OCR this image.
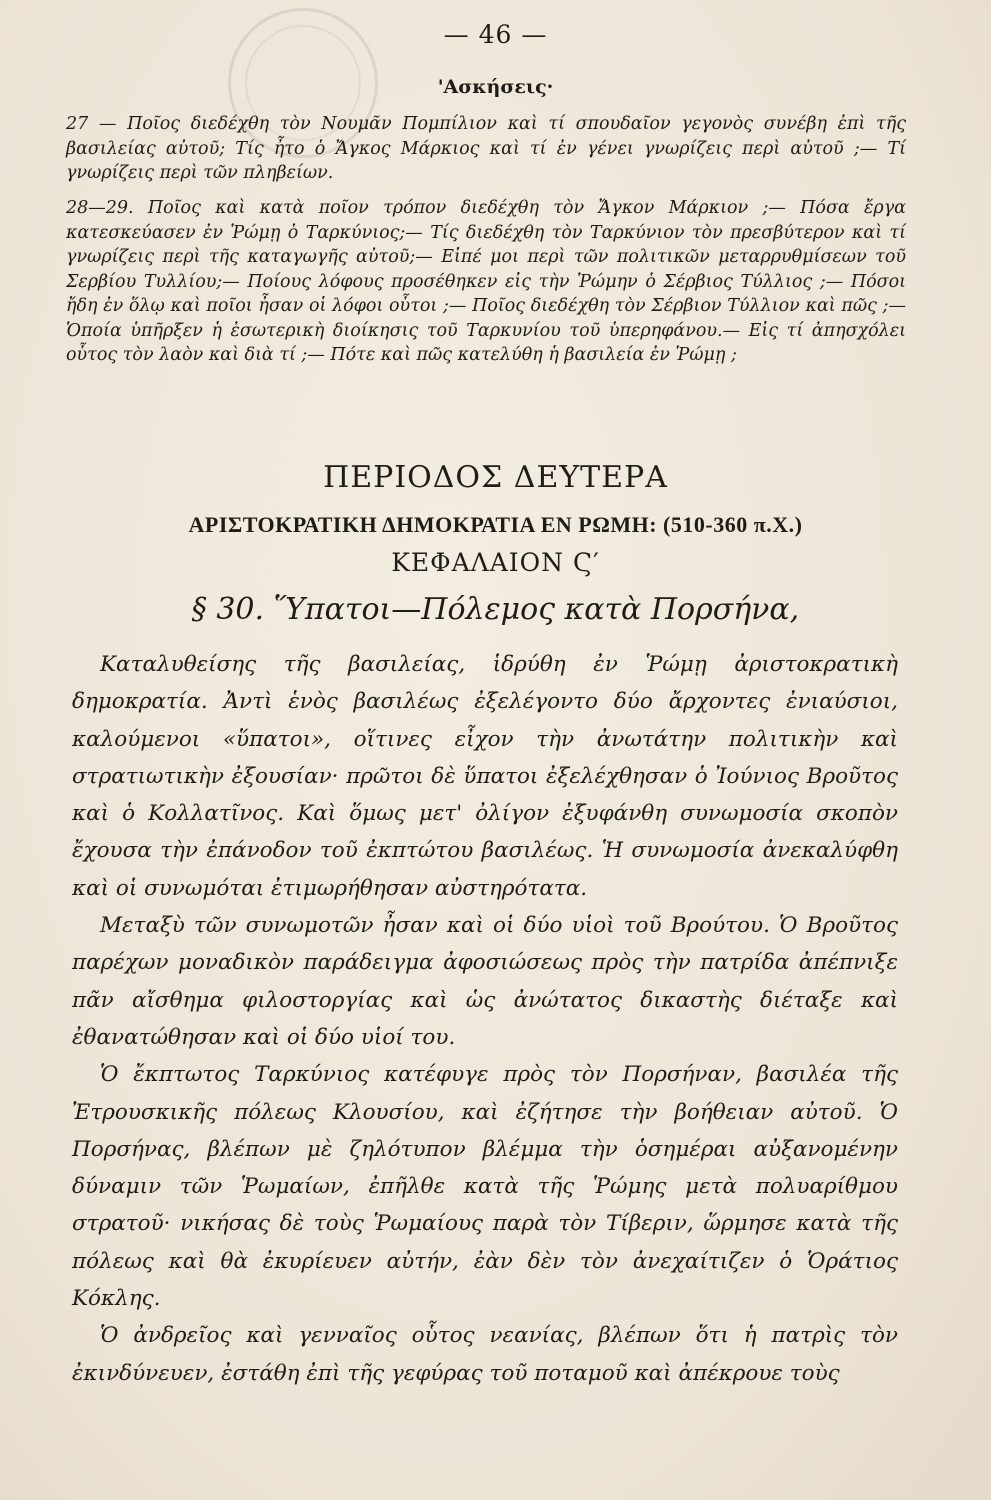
— 46 —
'Ασκήσεις·
27 — Ποῖος διεδέχθη τὸν Νουμᾶν Πομπίλιον καὶ τί σπουδαῖον γεγονὸς συνέβη ἐπὶ τῆς βασιλείας αὐτοῦ; Τίς ἦτο ὁ Ἄγκος Μάρκιος καὶ τί ἐν γένει γνωρίζεις περὶ αὐτοῦ ;— Τί γνωρίζεις περὶ τῶν πληβείων.
28—29. Ποῖος καὶ κατὰ ποῖον τρόπον διεδέχθη τὸν Ἄγκον Μάρκιον ;— Πόσα ἔργα κατεσκεύασεν ἐν Ῥώμῃ ὁ Ταρκύνιος;— Τίς διεδέχθη τὸν Ταρκύνιον τὸν πρεσβύτερον καὶ τί γνωρίζεις περὶ τῆς καταγωγῆς αὐτοῦ;— Εἰπέ μοι περὶ τῶν πολιτικῶν μεταρρυθμίσεων τοῦ Σερβίου Τυλλίου;— Ποίους λόφους προσέθηκεν εἰς τὴν Ῥώμην ὁ Σέρβιος Τύλλιος ;— Πόσοι ἤδη ἐν ὅλῳ καὶ ποῖοι ἦσαν οἱ λόφοι οὗτοι ;— Ποῖος διεδέχθη τὸν Σέρβιον Τύλλιον καὶ πῶς ;— Ὁποία ὑπῆρξεν ἡ ἐσωτερικὴ διοίκησις τοῦ Ταρκυνίου τοῦ ὑπερηφάνου.— Εἰς τί ἀπησχόλει οὗτος τὸν λαὸν καὶ διὰ τί ;— Πότε καὶ πῶς κατελύθη ἡ βασιλεία ἐν Ῥώμῃ ;
ΠΕΡΙΟΔΟΣ ΔΕΥΤΕΡΑ
ΑΡΙΣΤΟΚΡΑΤΙΚΗ ΔΗΜΟΚΡΑΤΙΑ ΕΝ ΡΩΜΗ: (510-360 π.Χ.)
ΚΕΦΑΛΑΙΟΝ Ϛ′
§ 30. Ὕπατοι—Πόλεμος κατὰ Πορσήνα,

Καταλυθείσης τῆς βασιλείας, ἱδρύθη ἐν Ῥώμῃ ἀριστοκρατικὴ δημοκρατία. Ἀντὶ ἑνὸς βασιλέως ἐξελέγοντο δύο ἄρχοντες ἐνιαύσιοι, καλούμενοι «ὕπατοι», οἵτινες εἶχον τὴν ἀνωτάτην πολιτικὴν καὶ στρατιωτικὴν ἐξουσίαν· πρῶτοι δὲ ὕπατοι ἐξελέχθησαν ὁ Ἰούνιος Βροῦτος καὶ ὁ Κολλατῖνος. Καὶ ὅμως μετ' ὀλίγον ἐξυφάνθη συνωμοσία σκοπὸν ἔχουσα τὴν ἐπάνοδον τοῦ ἐκπτώτου βασιλέως. Ἡ συνωμοσία ἀνεκαλύφθη καὶ οἱ συνωμόται ἐτιμωρήθησαν αὐστηρότατα.

Μεταξὺ τῶν συνωμοτῶν ἦσαν καὶ οἱ δύο υἱοὶ τοῦ Βρούτου. Ὁ Βροῦτος παρέχων μοναδικὸν παράδειγμα ἀφοσιώσεως πρὸς τὴν πατρίδα ἀπέπνιξε πᾶν αἴσθημα φιλοστοργίας καὶ ὡς ἀνώτατος δικαστὴς διέταξε καὶ ἐθανατώθησαν καὶ οἱ δύο υἱοί του.

Ὁ ἔκπτωτος Ταρκύνιος κατέφυγε πρὸς τὸν Πορσήναν, βασιλέα τῆς Ἐτρουσκικῆς πόλεως Κλουσίου, καὶ ἐζήτησε τὴν βοήθειαν αὐτοῦ. Ὁ Πορσήνας, βλέπων μὲ ζηλότυπον βλέμμα τὴν ὁσημέραι αὐξανομένην δύναμιν τῶν Ῥωμαίων, ἐπῆλθε κατὰ τῆς Ῥώμης μετὰ πολυαρίθμου στρατοῦ· νικήσας δὲ τοὺς Ῥωμαίους παρὰ τὸν Τίβεριν, ὥρμησε κατὰ τῆς πόλεως καὶ θὰ ἐκυρίευεν αὐτήν, ἐὰν δὲν τὸν ἀνεχαίτιζεν ὁ Ὁράτιος Κόκλης.

Ὁ ἀνδρεῖος καὶ γενναῖος οὗτος νεανίας, βλέπων ὅτι ἡ πατρὶς τὸν ἐκινδύνευεν, ἐστάθη ἐπὶ τῆς γεφύρας τοῦ ποταμοῦ καὶ ἀπέκρουε τοὺς
